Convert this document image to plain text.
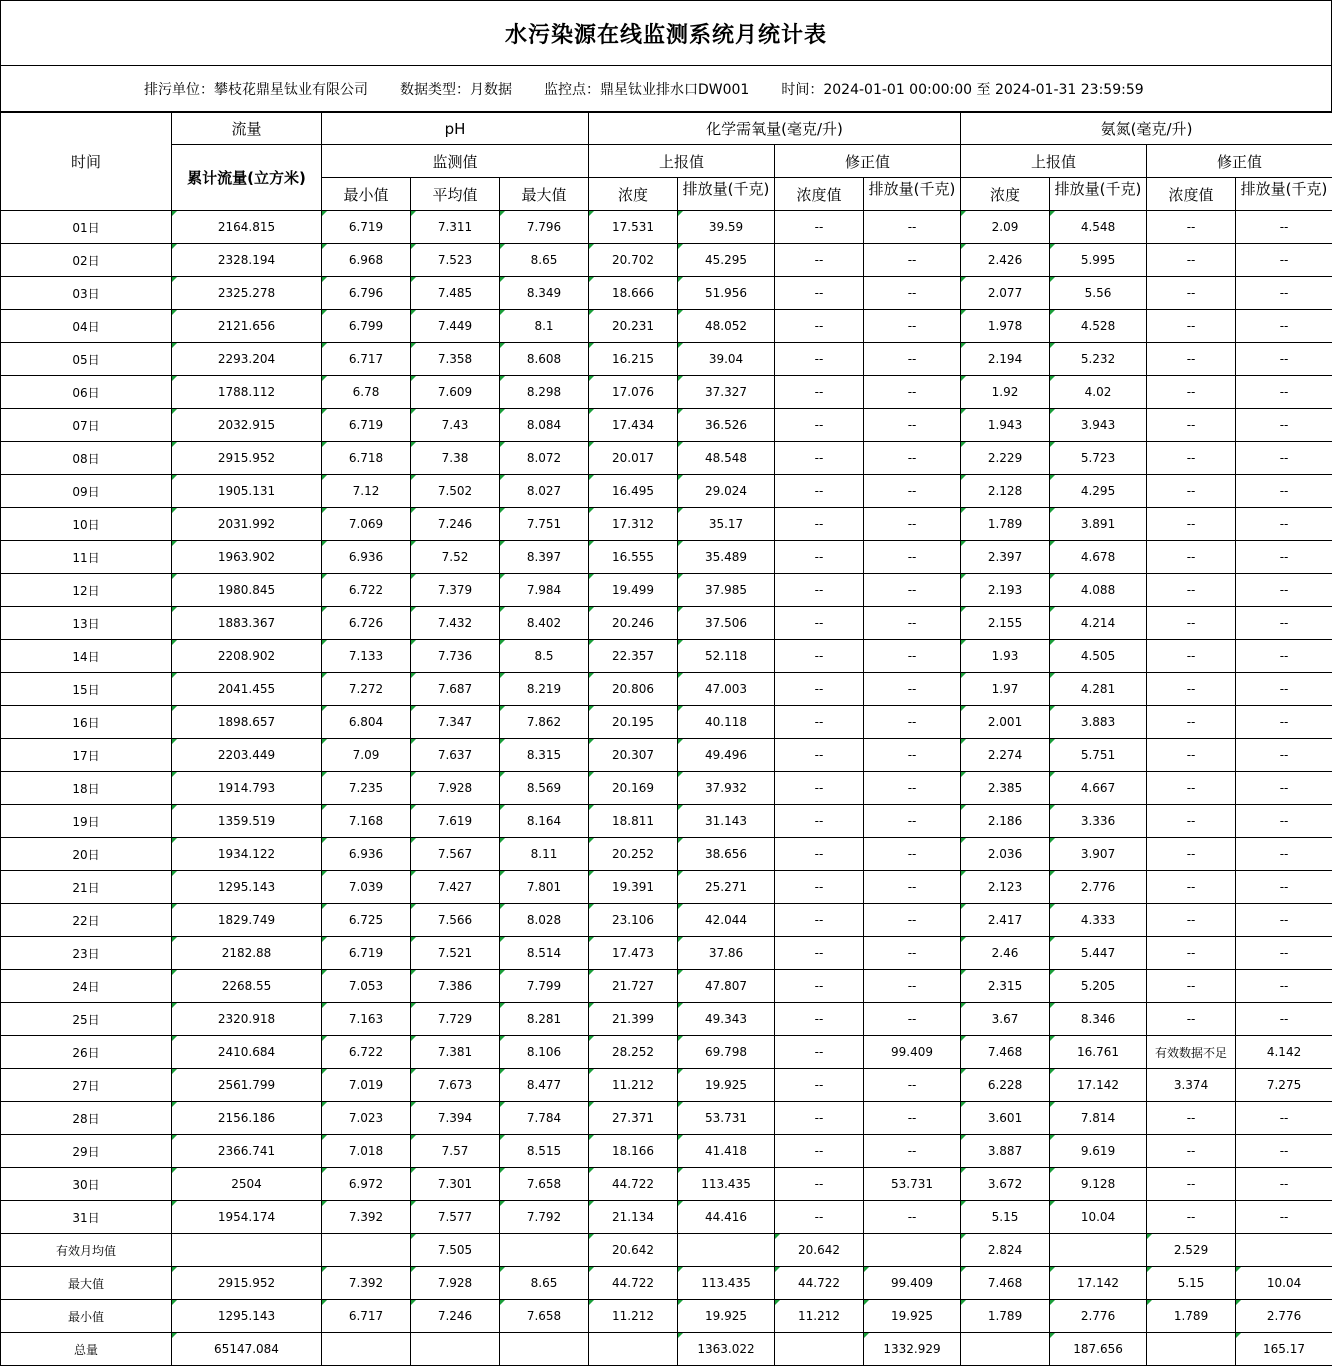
水污染源在线监测系统月统计表
排污单位：攀枝花鼎星钛业有限公司 数据类型：月数据 监控点：鼎星钛业排水口DW001 时间：2024-01-01 00:00:00 至 2024-01-31 23:59:59
时间	流量	pH			化学需氧量(毫克/升)				氨氮(毫克/升)			
	累计流量(立方米)	监测值			上报值		修正值		上报值		修正值	
		最小值	平均值	最大值	浓度	排放量(千克)	浓度值	排放量(千克)	浓度	排放量(千克)	浓度值	排放量(千克)

01日	2164.815	6.719	7.311	7.796	17.531	39.59	--	--	2.09	4.548	--	--
02日	2328.194	6.968	7.523	8.65	20.702	45.295	--	--	2.426	5.995	--	--
03日	2325.278	6.796	7.485	8.349	18.666	51.956	--	--	2.077	5.56	--	--
04日	2121.656	6.799	7.449	8.1	20.231	48.052	--	--	1.978	4.528	--	--
05日	2293.204	6.717	7.358	8.608	16.215	39.04	--	--	2.194	5.232	--	--
06日	1788.112	6.78	7.609	8.298	17.076	37.327	--	--	1.92	4.02	--	--
07日	2032.915	6.719	7.43	8.084	17.434	36.526	--	--	1.943	3.943	--	--
08日	2915.952	6.718	7.38	8.072	20.017	48.548	--	--	2.229	5.723	--	--
09日	1905.131	7.12	7.502	8.027	16.495	29.024	--	--	2.128	4.295	--	--
10日	2031.992	7.069	7.246	7.751	17.312	35.17	--	--	1.789	3.891	--	--
11日	1963.902	6.936	7.52	8.397	16.555	35.489	--	--	2.397	4.678	--	--
12日	1980.845	6.722	7.379	7.984	19.499	37.985	--	--	2.193	4.088	--	--
13日	1883.367	6.726	7.432	8.402	20.246	37.506	--	--	2.155	4.214	--	--
14日	2208.902	7.133	7.736	8.5	22.357	52.118	--	--	1.93	4.505	--	--
15日	2041.455	7.272	7.687	8.219	20.806	47.003	--	--	1.97	4.281	--	--
16日	1898.657	6.804	7.347	7.862	20.195	40.118	--	--	2.001	3.883	--	--
17日	2203.449	7.09	7.637	8.315	20.307	49.496	--	--	2.274	5.751	--	--
18日	1914.793	7.235	7.928	8.569	20.169	37.932	--	--	2.385	4.667	--	--
19日	1359.519	7.168	7.619	8.164	18.811	31.143	--	--	2.186	3.336	--	--
20日	1934.122	6.936	7.567	8.11	20.252	38.656	--	--	2.036	3.907	--	--
21日	1295.143	7.039	7.427	7.801	19.391	25.271	--	--	2.123	2.776	--	--
22日	1829.749	6.725	7.566	8.028	23.106	42.044	--	--	2.417	4.333	--	--
23日	2182.88	6.719	7.521	8.514	17.473	37.86	--	--	2.46	5.447	--	--
24日	2268.55	7.053	7.386	7.799	21.727	47.807	--	--	2.315	5.205	--	--
25日	2320.918	7.163	7.729	8.281	21.399	49.343	--	--	3.67	8.346	--	--
26日	2410.684	6.722	7.381	8.106	28.252	69.798	--	99.409	7.468	16.761	有效数据不足	4.142
27日	2561.799	7.019	7.673	8.477	11.212	19.925	--	--	6.228	17.142	3.374	7.275
28日	2156.186	7.023	7.394	7.784	27.371	53.731	--	--	3.601	7.814	--	--
29日	2366.741	7.018	7.57	8.515	18.166	41.418	--	--	3.887	9.619	--	--
30日	2504	6.972	7.301	7.658	44.722	113.435	--	53.731	3.672	9.128	--	--
31日	1954.174	7.392	7.577	7.792	21.134	44.416	--	--	5.15	10.04	--	--
有效月均值			7.505		20.642		20.642		2.824		2.529	
最大值	2915.952	7.392	7.928	8.65	44.722	113.435	44.722	99.409	7.468	17.142	5.15	10.04
最小值	1295.143	6.717	7.246	7.658	11.212	19.925	11.212	19.925	1.789	2.776	1.789	2.776
总量	65147.084					1363.022		1332.929		187.656		165.17
